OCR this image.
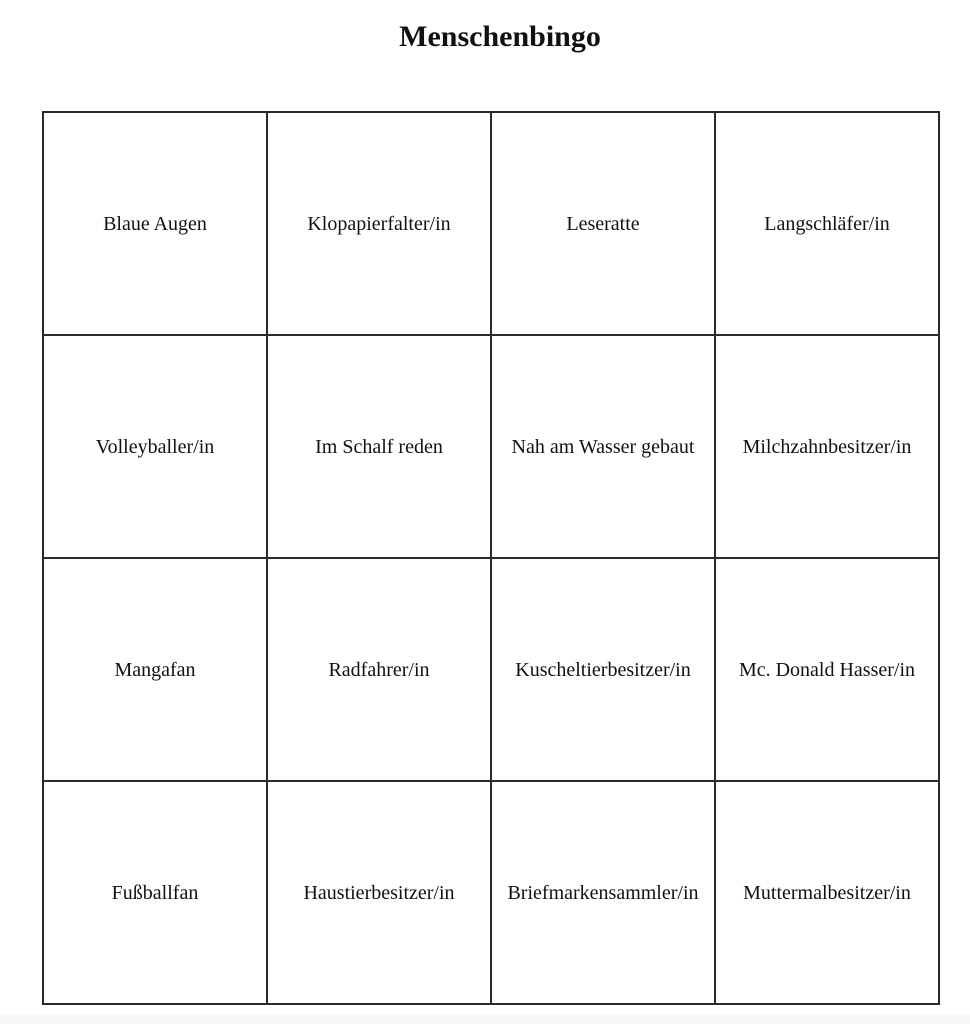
Menschenbingo
Blaue Augen	Klopapierfalter/in	Leseratte	Langschläfer/in
Volleyballer/in	Im Schalf reden	Nah am Wasser gebaut	Milchzahnbesitzer/in
Mangafan	Radfahrer/in	Kuscheltierbesitzer/in	Mc. Donald Hasser/in
Fußballfan	Haustierbesitzer/in	Briefmarkensammler/in	Muttermalbesitzer/in
